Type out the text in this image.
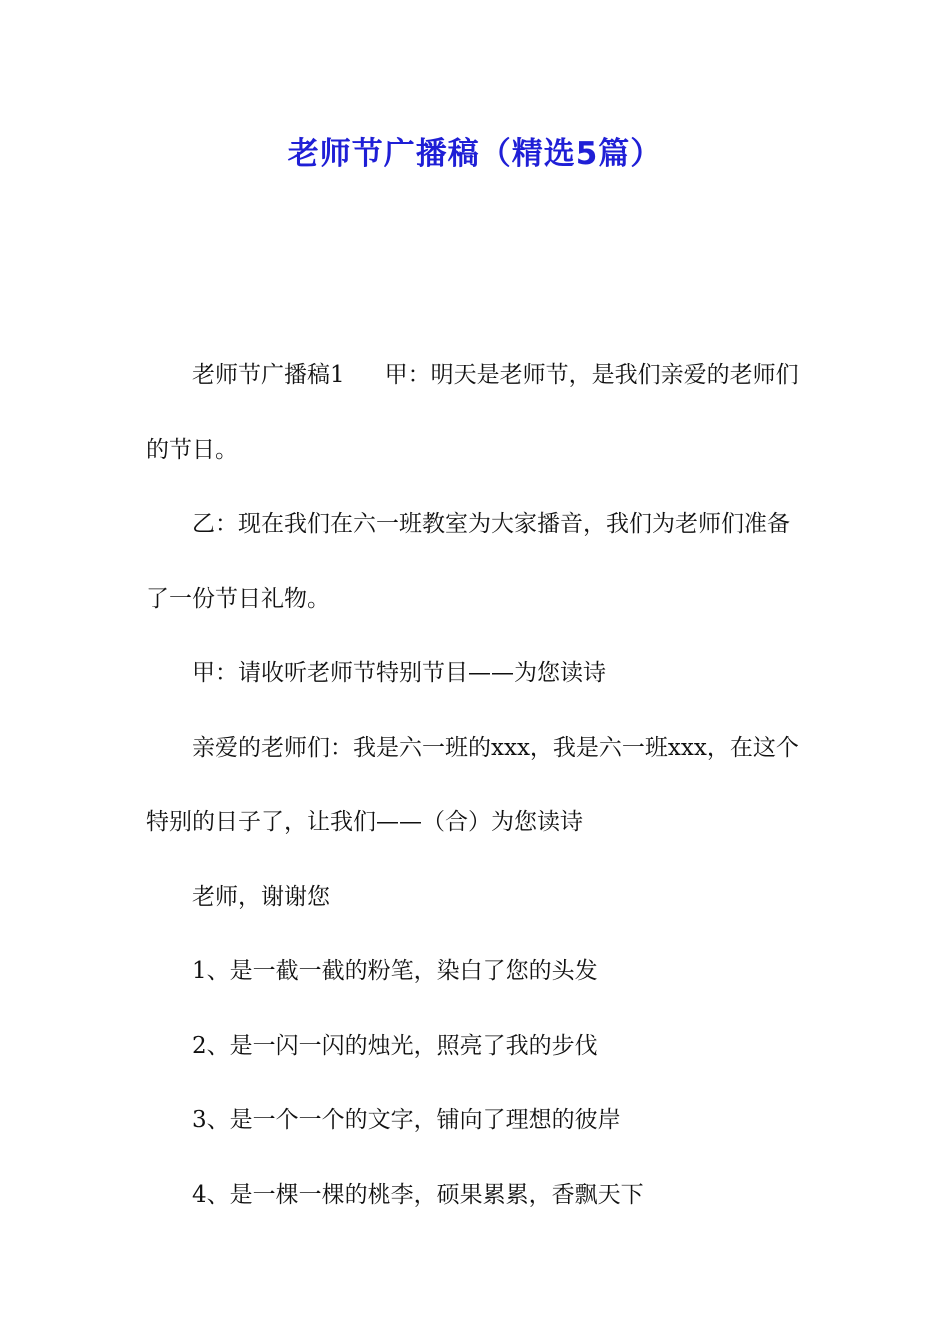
老师节广播稿（精选5篇）

老师节广播稿1 甲：明天是老师节，是我们亲爱的老师们的节日。

乙：现在我们在六一班教室为大家播音，我们为老师们准备了一份节日礼物。

甲：请收听老师节特别节目——为您读诗

亲爱的老师们：我是六一班的xxx，我是六一班xxx，在这个特别的日子了，让我们——（合）为您读诗

老师，谢谢您

1、是一截一截的粉笔，染白了您的头发

2、是一闪一闪的烛光，照亮了我的步伐

3、是一个一个的文字，铺向了理想的彼岸

4、是一棵一棵的桃李，硕果累累，香飘天下
